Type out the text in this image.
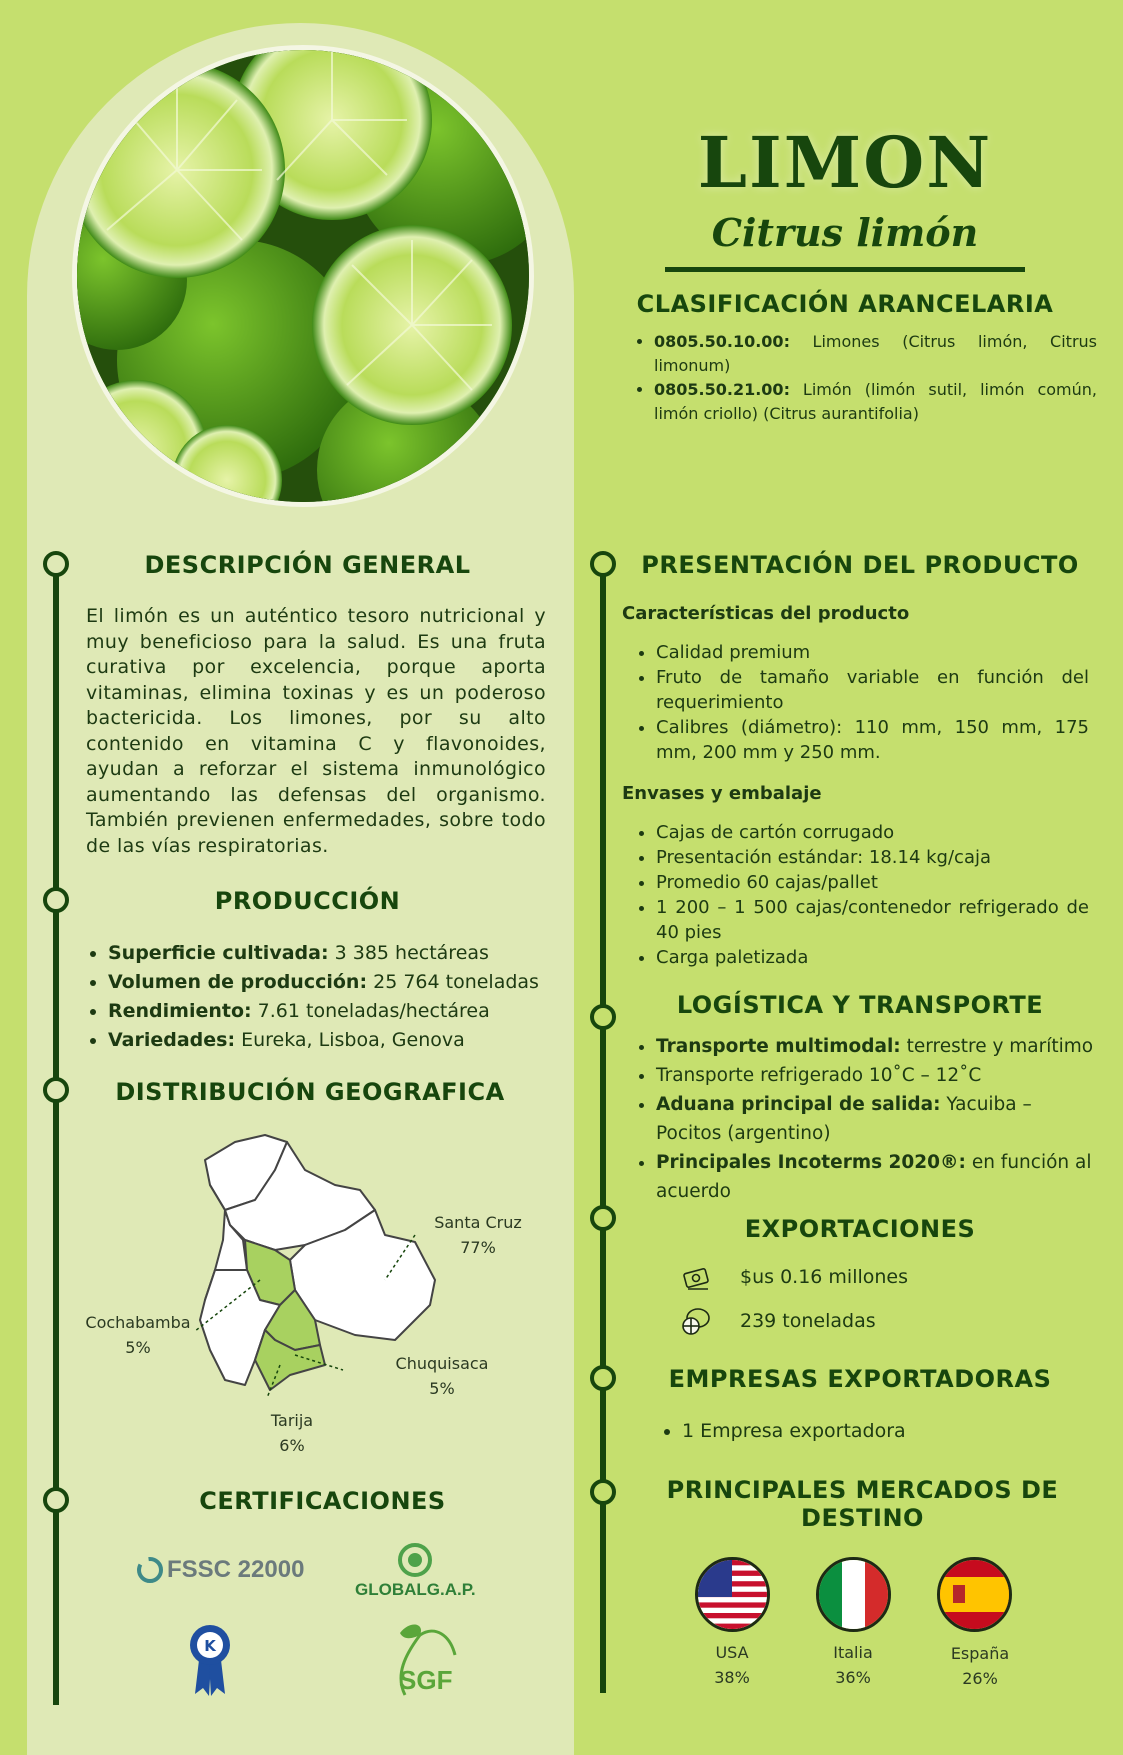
LIMON
Citrus limón
CLASIFICACIÓN ARANCELARIA
• 0805.50.10.00: Limones (Citrus limón, Citrus limonum)
• 0805.50.21.00: Limón (limón sutil, limón común, limón criollo) (Citrus aurantifolia)
DESCRIPCIÓN GENERAL
El limón es un auténtico tesoro nutricional y muy beneficioso para la salud. Es una fruta curativa por excelencia, porque aporta vitaminas, elimina toxinas y es un poderoso bactericida. Los limones, por su alto contenido en vitamina C y flavonoides, ayudan a reforzar el sistema inmunológico aumentando las defensas del organismo. También previenen enfermedades, sobre todo de las vías respiratorias.
PRODUCCIÓN
• Superficie cultivada: 3 385 hectáreas
• Volumen de producción: 25 764 toneladas
• Rendimiento: 7.61 toneladas/hectárea
• Variedades: Eureka, Lisboa, Genova
DISTRIBUCIÓN GEOGRAFICA
Santa Cruz
77%
Cochabamba
5%
Chuquisaca
5%
Tarija
6%
CERTIFICACIONES
FSSC 22000
GLOBALG.A.P.
K
SGF
PRESENTACIÓN DEL PRODUCTO
Características del producto
• Calidad premium
• Fruto de tamaño variable en función del requerimiento
• Calibres (diámetro): 110 mm, 150 mm, 175 mm, 200 mm y 250 mm.
Envases y embalaje
• Cajas de cartón corrugado
• Presentación estándar: 18.14 kg/caja
• Promedio 60 cajas/pallet
• 1 200 – 1 500 cajas/contenedor refrigerado de 40 pies
• Carga paletizada
LOGÍSTICA Y TRANSPORTE
• Transporte multimodal: terrestre y marítimo
• Transporte refrigerado 10˚C – 12˚C
• Aduana principal de salida: Yacuiba – Pocitos (argentino)
• Principales Incoterms 2020®: en función al acuerdo
EXPORTACIONES
$us 0.16 millones
239 toneladas
EMPRESAS EXPORTADORAS
• 1 Empresa exportadora
PRINCIPALES MERCADOS DE DESTINO
USA
38%
Italia
36%
España
26%
